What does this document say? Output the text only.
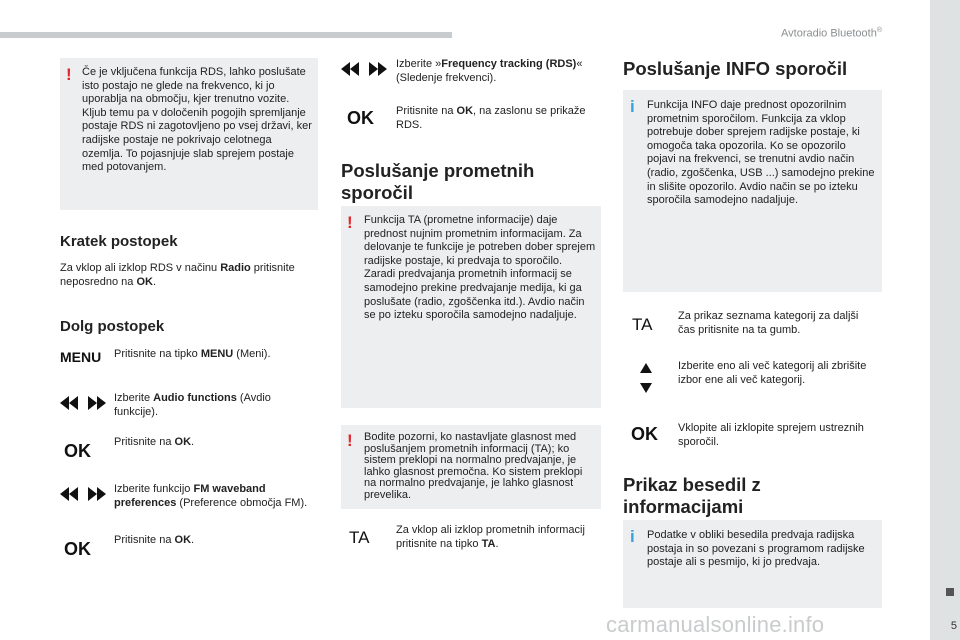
Avtoradio Bluetooth®
5
! Če je vključena funkcija RDS, lahko poslušate isto postajo ne glede na frekvenco, ki jo uporablja na območju, kjer trenutno vozite. Kljub temu pa v določenih pogojih spremljanje postaje RDS ni zagotovljeno po vsej državi, ker radijske postaje ne pokrivajo celotnega ozemlja. To pojasnjuje slab sprejem postaje med potovanjem.

Kratek postopek

Za vklop ali izklop RDS v načinu Radio pritisnite neposredno na OK.

Dolg postopek
MENU Pritisnite na tipko MENU (Meni).

Izberite Audio functions (Avdio funkcije).

OK Pritisnite na OK.

Izberite funkcijo FM waveband preferences (Preference območja FM).

OK Pritisnite na OK.

Izberite »Frequency tracking (RDS)« (Sledenje frekvenci).

OK Pritisnite na OK, na zaslonu se prikaže RDS.

Poslušanje prometnih sporočil
! Funkcija TA (prometne informacije) daje prednost nujnim prometnim informacijam. Za delovanje te funkcije je potreben dober sprejem radijske postaje, ki predvaja to sporočilo. Zaradi predvajanja prometnih informacij se samodejno prekine predvajanje medija, ki ga poslušate (radio, zgoščenka itd.). Avdio način se po izteku sporočila samodejno nadaljuje.

! Bodite pozorni, ko nastavljate glasnost med poslušanjem prometnih informacij (TA); ko sistem preklopi na normalno predvajanje, je lahko glasnost premočna. Ko sistem preklopi na normalno predvajanje, je lahko glasnost prevelika.

TA Za vklop ali izklop prometnih informacij pritisnite na tipko TA.

Poslušanje INFO sporočil
i Funkcija INFO daje prednost opozorilnim prometnim sporočilom. Funkcija za vklop potrebuje dober sprejem radijske postaje, ki omogoča taka opozorila. Ko se opozorilo pojavi na frekvenci, se trenutni avdio način (radio, zgoščenka, USB ...) samodejno prekine in slišite opozorilo. Avdio način se po izteku sporočila samodejno nadaljuje.

TA Za prikaz seznama kategorij za daljši čas pritisnite na ta gumb.

Izberite eno ali več kategorij ali zbrišite izbor ene ali več kategorij.

OK Vklopite ali izklopite sprejem ustreznih sporočil.

Prikaz besedil z informacijami
i Podatke v obliki besedila predvaja radijska postaja in so povezani s programom radijske postaje ali s pesmijo, ki jo predvaja.

carmanualsonline.info
